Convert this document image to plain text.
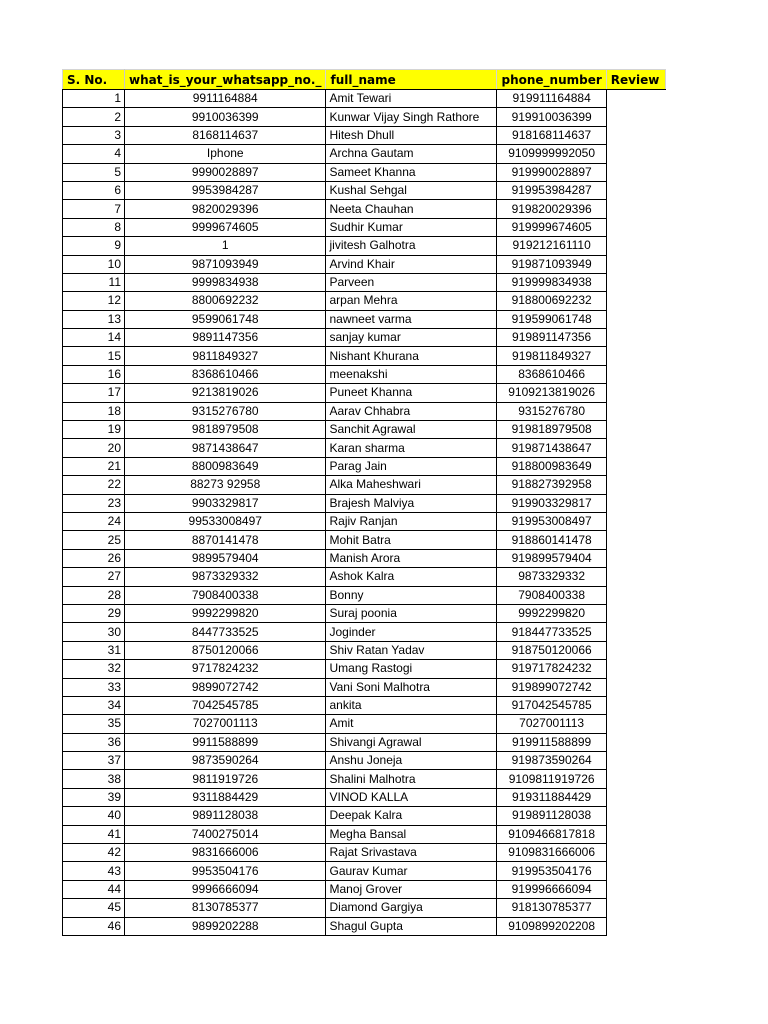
S. No.	what_is_your_whatsapp_no._	full_name	phone_number	Review
1	9911164884	Amit Tewari	919911164884	
2	9910036399	Kunwar Vijay Singh Rathore	919910036399	
3	8168114637	Hitesh Dhull	918168114637	
4	Iphone	Archna Gautam	9109999992050	
5	9990028897	Sameet Khanna	919990028897	
6	9953984287	Kushal Sehgal	919953984287	
7	9820029396	Neeta Chauhan	919820029396	
8	9999674605	Sudhir Kumar	919999674605	
9	1	jivitesh Galhotra	919212161110	
10	9871093949	Arvind Khair	919871093949	
11	9999834938	Parveen	919999834938	
12	8800692232	arpan Mehra	918800692232	
13	9599061748	nawneet varma	919599061748	
14	9891147356	sanjay kumar	919891147356	
15	9811849327	Nishant Khurana	919811849327	
16	8368610466	meenakshi	8368610466	
17	9213819026	Puneet Khanna	9109213819026	
18	9315276780	Aarav Chhabra	9315276780	
19	9818979508	Sanchit Agrawal	919818979508	
20	9871438647	Karan sharma	919871438647	
21	8800983649	Parag Jain	918800983649	
22	88273 92958	Alka Maheshwari	918827392958	
23	9903329817	Brajesh Malviya	919903329817	
24	99533008497	Rajiv Ranjan	919953008497	
25	8870141478	Mohit Batra	918860141478	
26	9899579404	Manish Arora	919899579404	
27	9873329332	Ashok Kalra	9873329332	
28	7908400338	Bonny	7908400338	
29	9992299820	Suraj poonia	9992299820	
30	8447733525	Joginder	918447733525	
31	8750120066	Shiv Ratan Yadav	918750120066	
32	9717824232	Umang Rastogi	919717824232	
33	9899072742	Vani Soni Malhotra	919899072742	
34	7042545785	ankita	917042545785	
35	7027001113	Amit	7027001113	
36	9911588899	Shivangi Agrawal	919911588899	
37	9873590264	Anshu Joneja	919873590264	
38	9811919726	Shalini Malhotra	9109811919726	
39	9311884429	VINOD KALLA	919311884429	
40	9891128038	Deepak Kalra	919891128038	
41	7400275014	Megha Bansal	9109466817818	
42	9831666006	Rajat Srivastava	9109831666006	
43	9953504176	Gaurav Kumar	919953504176	
44	9996666094	Manoj Grover	919996666094	
45	8130785377	Diamond Gargiya	918130785377	
46	9899202288	Shagul Gupta	9109899202208	
